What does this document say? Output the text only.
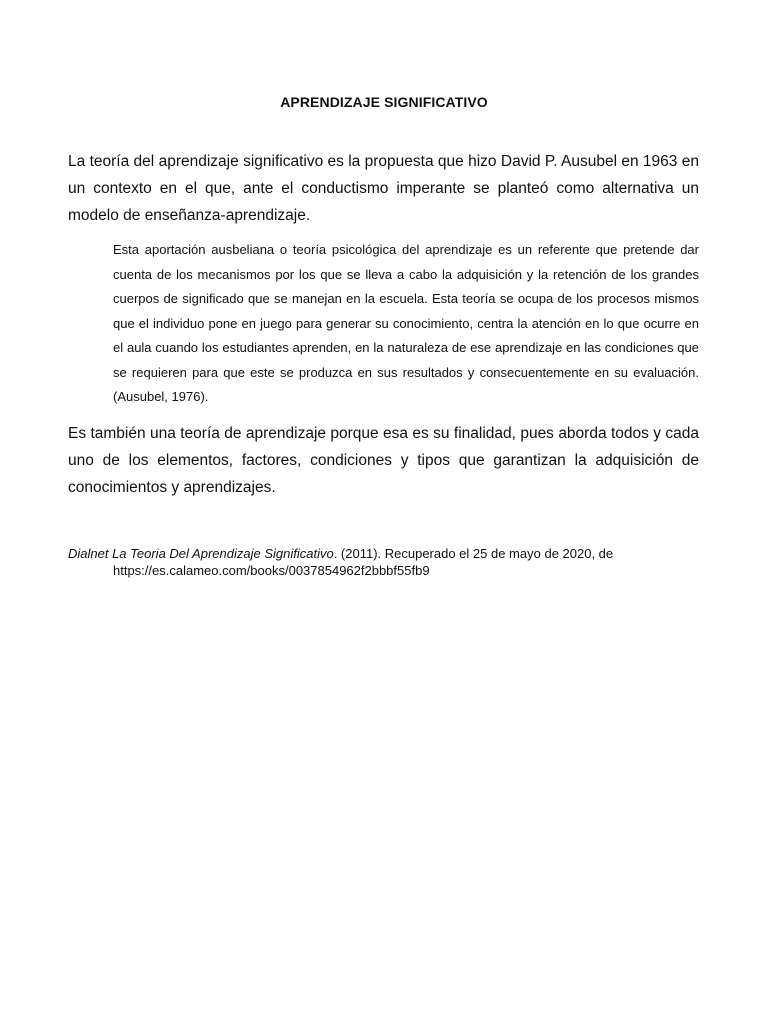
APRENDIZAJE SIGNIFICATIVO

La teoría del aprendizaje significativo es la propuesta que hizo David P. Ausubel en 1963 en un contexto en el que, ante el conductismo imperante se planteó como alternativa un modelo de enseñanza-aprendizaje.

Esta aportación ausbeliana o teoría psicológica del aprendizaje es un referente que pretende dar cuenta de los mecanismos por los que se lleva a cabo la adquisición y la retención de los grandes cuerpos de significado que se manejan en la escuela. Esta teoría se ocupa de los procesos mismos que el individuo pone en juego para generar su conocimiento, centra la atención en lo que ocurre en el aula cuando los estudiantes aprenden, en la naturaleza de ese aprendizaje en las condiciones que se requieren para que este se produzca en sus resultados y consecuentemente en su evaluación. (Ausubel, 1976).

Es también una teoría de aprendizaje porque esa es su finalidad, pues aborda todos y cada uno de los elementos, factores, condiciones y tipos que garantizan la adquisición de conocimientos y aprendizajes.

Dialnet La Teoria Del Aprendizaje Significativo. (2011). Recuperado el 25 de mayo de 2020, de https://es.calameo.com/books/0037854962f2bbbf55fb9
